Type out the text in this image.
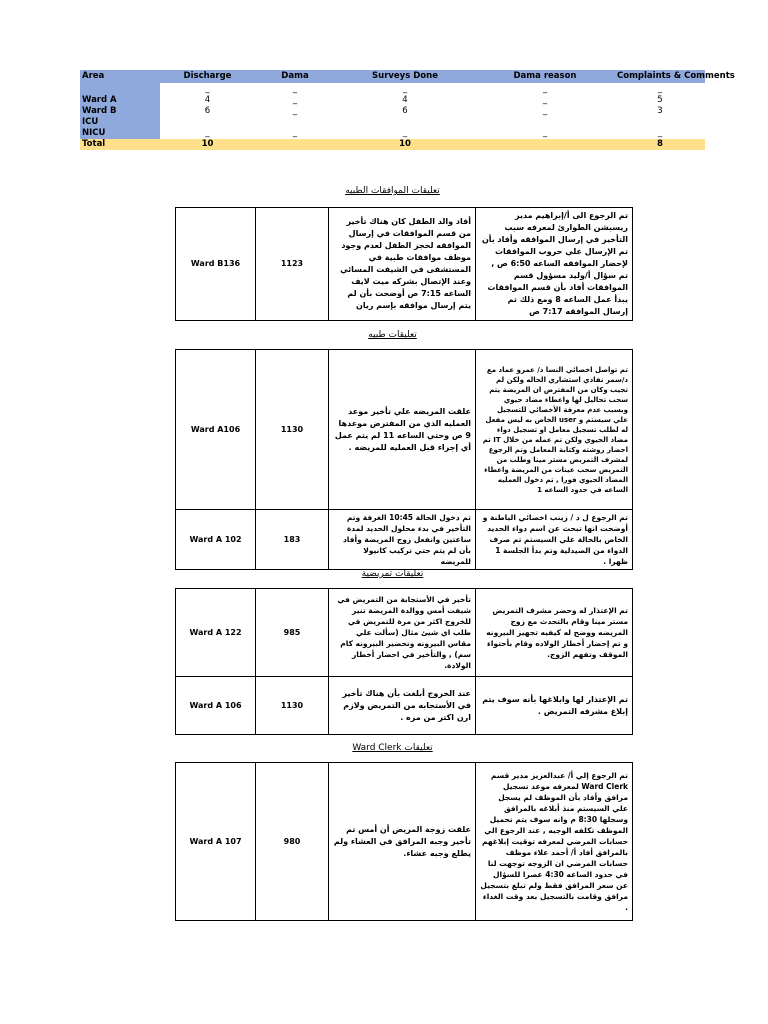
Area	Discharge	Dama	Surveys Done	Dama reason	Complaints & Comments
	_	_	_	_	_
Ward A	4	_	4	_	5
Ward B	6	_	6	_	3
ICU					
NICU	_	_	_	_	_
Total	10		10		8
تعليقات الموافقات الطبيه
Ward B136	1123	أفاد والد الطفل كان هناك تأخير من قسم الموافقات في إرسال الموافقه لحجز الطفل لعدم وجود موظف موافقات طبية في المستشفى في الشيفت المسائي وعند الإتصال بشركه ميت لايف الساعه 7:15 ص أوضحت بأن لم يتم إرسال موافقه بإسم ريان	تم الرجوع الى أ/إبراهيم مدير ريسبشن الطوارئ لمعرفه سبب التأخير في إرسال الموافقه وأفاد بأن تم الإرسال علي حروب الموافقات لإحضار الموافقه الساعه 6:50 ص , تم سؤال أ/وليد مسؤول قسم الموافقات أفاد بأن قسم الموافقات يبدأ عمل الساعه 8 ومع ذلك تم إرسال الموافقه 7:17 ص
تعليقات طبيه
Ward A106	1130	علقت المريضه علي تأخير موعد العمليه الذي من المفترض موعدها 9 ص وحتي الساعه 11 لم يتم عمل أي إجراء قبل العمليه للمريضه .	تم تواصل اخصائي النسا د/ عمرو عماد مع د/سمر نفادي استشاري الحاله ولكن لم تجيب وكان من المفترض ان المريضة يتم سحب تحاليل لها واعطاء مضاد حيوي وبسبب عدم معرفة الأخصائي للتسجيل علي سيستم و user الخاص به ليس مفعل له لطلب تسجيل معامل او تسجيل دواء مضاد الحيوي ولكن تم عمله من خلال IT تم احضار روشته وكتابة المعامل وتم الرجوع لمشرف التمريض مستر مينا وطلب من التمريض سحب عينات من المريضة واعطاء المضاد الحيوي فورا , تم دخول العمليه الساعه في حدود الساعه 1
Ward A 102	183	تم دخول الحالة 10:45 الغرفة وتم التأخير في بدء محلول الحديد لمدة ساعتين وانفعل زوج المريضة وأفاد بأن لم يتم حتي تركيب كانيولا للمريضه	تم الرجوع ل د / زينب اخصائي الباطنة و أوضحت انها تبحث عن اسم دواء الحديد الخاص بالحالة علي السيستم تم صرف الدواء من الصيدلية وتم بدأ الجلسة 1 ظهرا .
تعليقات تمريضية
Ward A 122	985	تأخير في الأستجابة من التمريض في شيفت أمس ووالدة المريضة تنير للخروج اكثر من مرة للتمريض في طلب اي شيئ مثال (سألت علي مقاس البيرونه وتحضير البيرونه كام سم) , والتأخير في احضار أخطار الولادة.	تم الإعتذار له وحضر مشرف التمريض مستر مينا وقام بالتحدث مع زوج المريضه ووضح له كيفيه تجهيز البيرونه و تم إحضار أخطار الولاده وقام بأحتواء الموقف وتفهم الزوج.
Ward A 106	1130	عند الخروج أبلغت بأن هناك تأخير في الأستجابه من التمريض ولازم ارن اكتر من مره .	تم الإعتذار لها وابلاغها بأنه سوف يتم إبلاغ مشرفه التمريض .
تعليقات Ward Clerk
Ward A 107	980	علقت زوجة المريض أن أمس تم تأخير وجبه المرافق في العشاء ولم يطلع وجبه عشاء.	تم الرجوع إلي أ/ عبدالعزيز مدير قسم Ward Clerk لمعرفه موعد تسجيل مرافق وأفاد بأن الموظف لم يسجل علي السيستم منذ أبلاغه بالمرافق وسجلها 8:30 م وانه سوف يتم تحميل الموظف تكلفه الوجبه , عند الرجوع الي حسابات المرضي لمعرفه توقيت إبلاغهم بالمرافق أفاد أ/ أحمد علاء موظف حسابات المرضي ان الزوجه توجهت لنا في حدود الساعه 4:30 عصرا للسؤال عن سعر المرافق فقط ولم تبلغ بتسجيل مرافق وقامت بالتسجيل بعد وقت الغداء .
